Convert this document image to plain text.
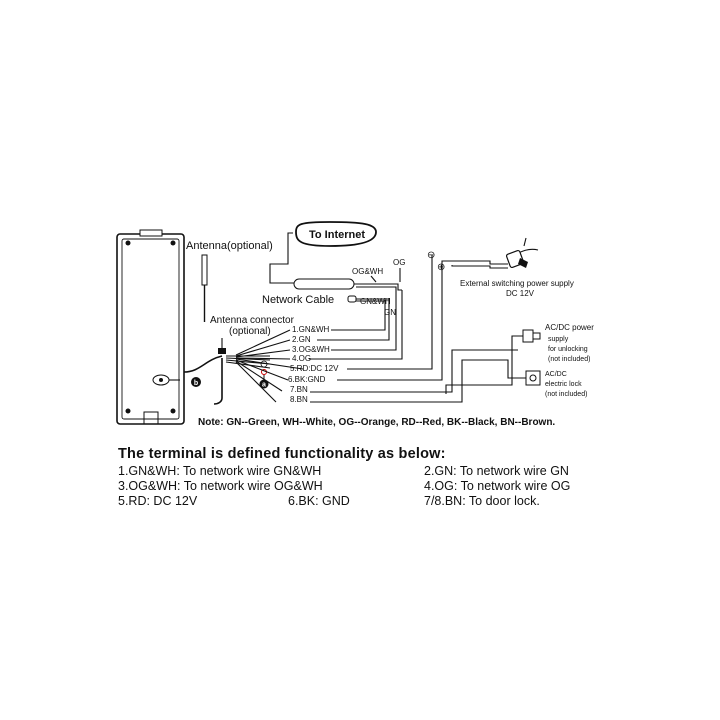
b
Antenna(optional)
Antenna connector
(optional)
a
1.GN&WH
2.GN
3.OG&WH
4.OG
5.RD:DC 12V
6.BK:GND
7.BN
8.BN
To Internet
Network Cable
OG&WH
OG
GN&WH
GN
⊖
⊕
External switching power supply
DC 12V
AC/DC power
supply
for unlocking
(not included)
AC/DC
electric lock
(not included)
Note: GN--Green, WH--White, OG--Orange, RD--Red, BK--Black, BN--Brown.
The terminal is defined functionality as below:
1.GN&WH: To network wire GN&WH	2.GN: To network wire GN
3.OG&WH: To network wire OG&WH	4.OG: To network wire OG
5.RD: DC 12V	6.BK: GND	7/8.BN: To door lock.
